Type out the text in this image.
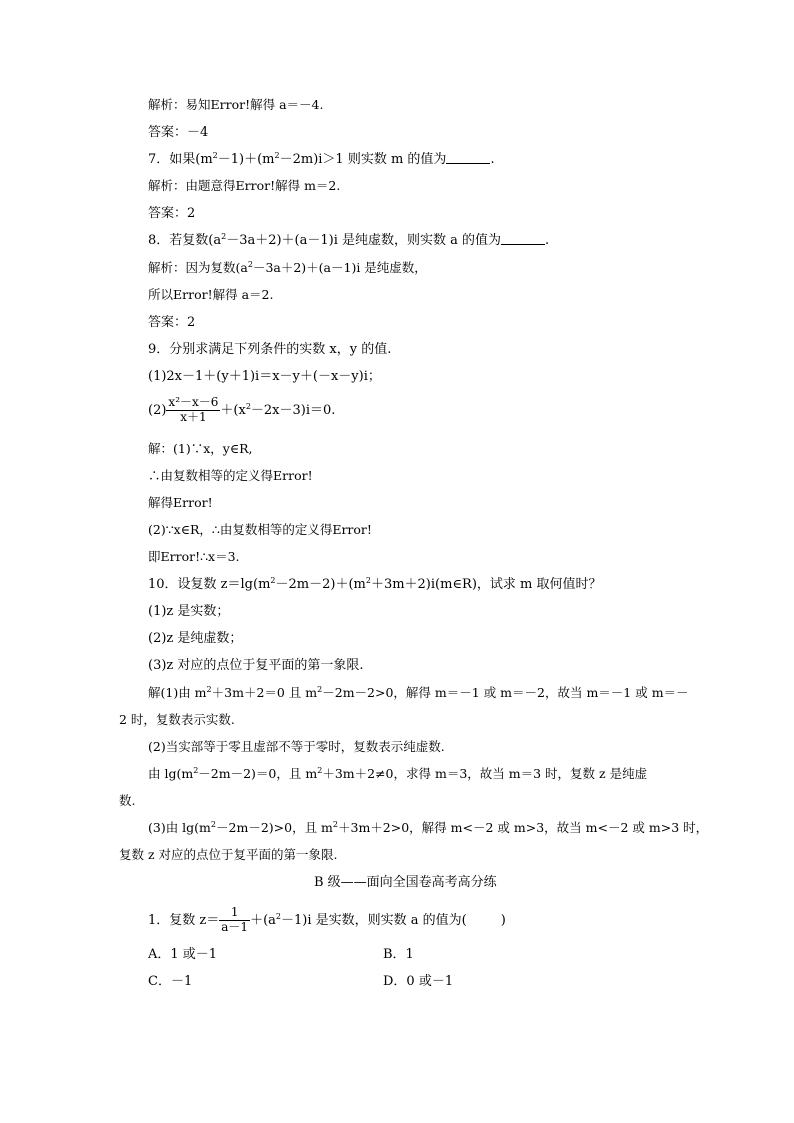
解析：易知Error!解得 a＝－4.
答案：－4
7．如果$(m^2-1)+(m^2-2m)i>1$ 则实数 m 的值为	.
解析：由题意得Error!解得 m＝2.
答案：2
8．若复数$(a^2-3a+2)+(a-1)i$ 是纯虚数，则实数 a 的值为	.
解析：因为复数$(a^2-3a+2)+(a-1)i$ 是纯虚数，
所以Error!解得 a＝2.
答案：2
9．分别求满足下列条件的实数 x，y 的值.
(1)2x－1＋(y＋1)i＝x－y＋(－x－y)i；
$(2) \frac{\text{x²－x－6}}{x+1} +(x^2-2x-3)i=0$.
解：(1)∵x，y∈R,
∴由复数相等的定义得Error!
解得Error!
(2)∵x∈R，∴由复数相等的定义得Error!
即Error!∴x＝3.
10．设复数 $z=\lg(m^2-2m-2)+(m^2+3m+2)i(m\in R)$，试求 m 取何值时？
(1)z 是实数；
(2)z 是纯虚数；
(3)z 对应的点位于复平面的第一象限.
解(1)由 $m^2+3m+2=0$ 且 $m^2-2m-2>0$，解得 m＝－1 或 m＝－2，故当 m＝－1 或 m＝－
2 时，复数表示实数.
(2)当实部等于零且虚部不等于零时，复数表示纯虚数.
由 $\lg(m^2-2m-2)=0$，且 $m^2+3m+2\ne 0$，求得 m＝3，故当 m＝3 时，复数 z 是纯虚
数.
(3)由 $\lg(m^2-2m-2)>0$，且 $m^2+3m+2>0$，解得 m<－2 或 m>3，故当 m<－2 或 m>3 时，
复数 z 对应的点位于复平面的第一象限.
B 级——面向全国卷高考高分练
1．复数 $z= \frac{1}{a-1} +(a^2-1)i$ 是实数，则实数 a 的值为(	)
A．1 或－1	B．1
C．－1	D．0 或－1
